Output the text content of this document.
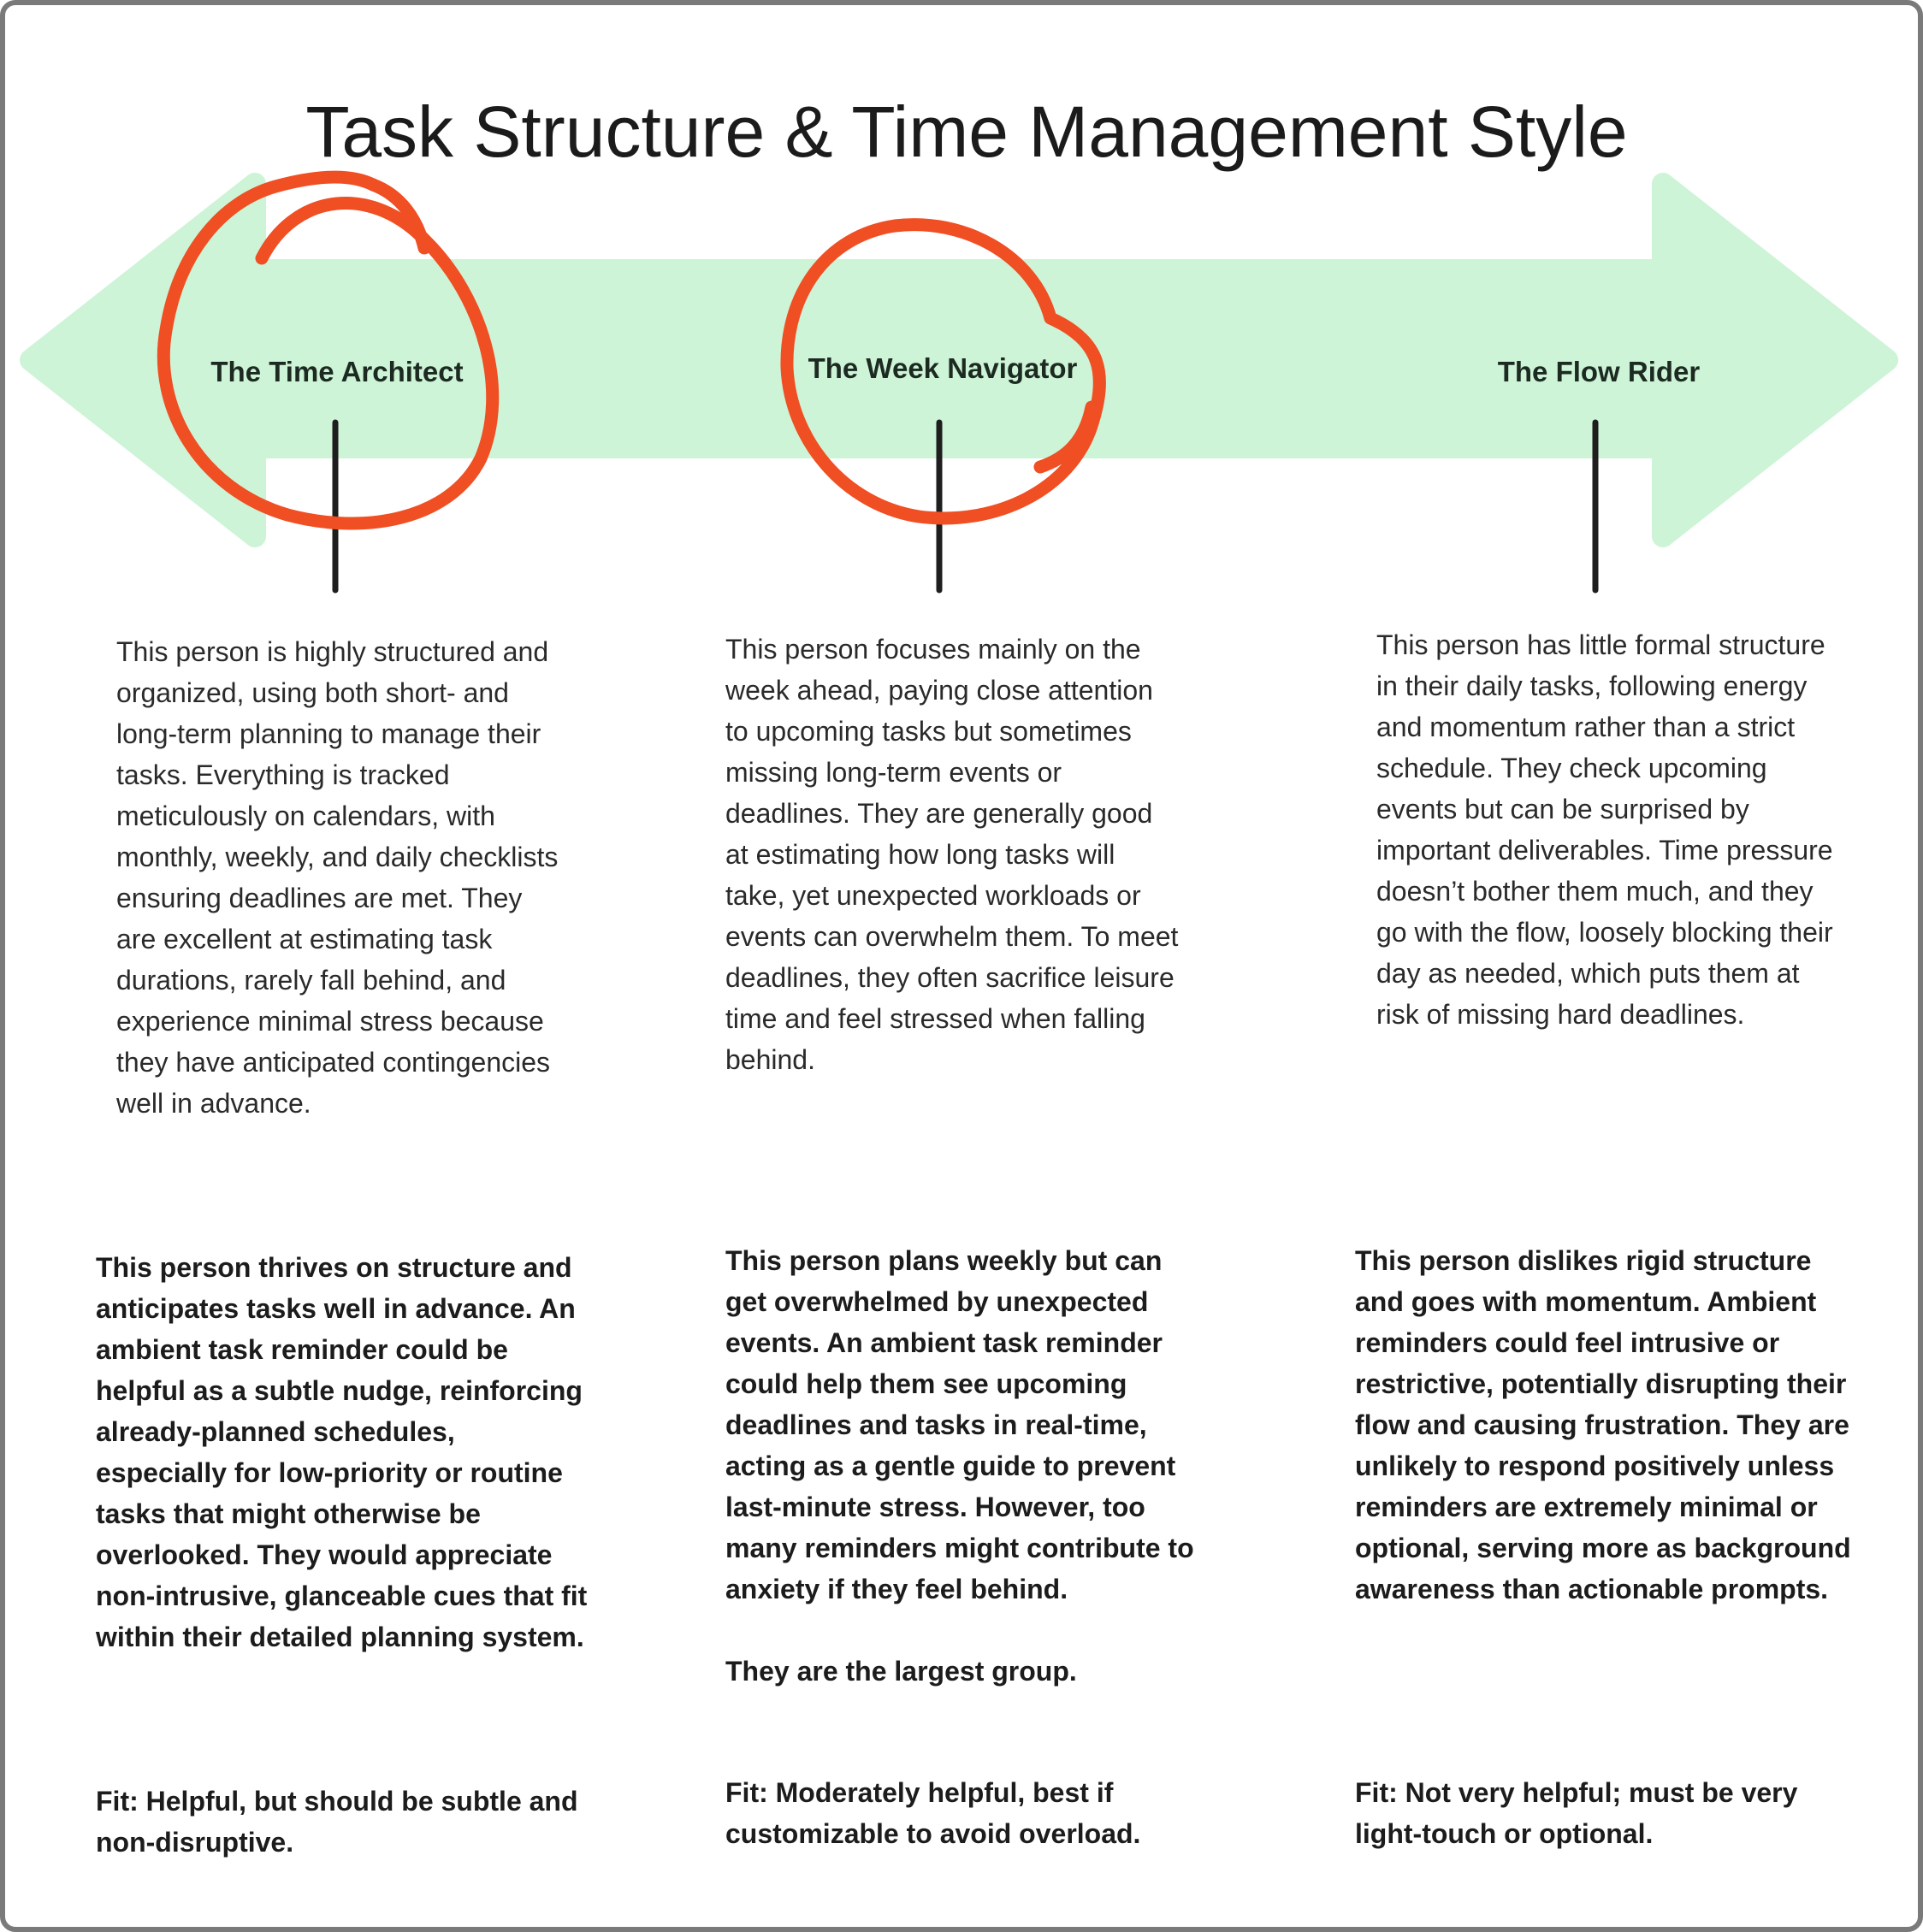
Task Structure & Time Management Style
The Time Architect	The Week Navigator	The Flow Rider

This person is highly structured and organized, using both short- and long-term planning to manage their tasks. Everything is tracked meticulously on calendars, with monthly, weekly, and daily checklists ensuring deadlines are met. They are excellent at estimating task durations, rarely fall behind, and experience minimal stress because they have anticipated contingencies well in advance.

This person focuses mainly on the week ahead, paying close attention to upcoming tasks but sometimes missing long-term events or deadlines. They are generally good at estimating how long tasks will take, yet unexpected workloads or events can overwhelm them. To meet deadlines, they often sacrifice leisure time and feel stressed when falling behind.

This person has little formal structure in their daily tasks, following energy and momentum rather than a strict schedule. They check upcoming events but can be surprised by important deliverables. Time pressure doesn’t bother them much, and they go with the flow, loosely blocking their day as needed, which puts them at risk of missing hard deadlines.

This person thrives on structure and anticipates tasks well in advance. An ambient task reminder could be helpful as a subtle nudge, reinforcing already-planned schedules, especially for low-priority or routine tasks that might otherwise be overlooked. They would appreciate non-intrusive, glanceable cues that fit within their detailed planning system.

This person plans weekly but can get overwhelmed by unexpected events. An ambient task reminder could help them see upcoming deadlines and tasks in real-time, acting as a gentle guide to prevent last-minute stress. However, too many reminders might contribute to anxiety if they feel behind.
They are the largest group.

This person dislikes rigid structure and goes with momentum. Ambient reminders could feel intrusive or restrictive, potentially disrupting their flow and causing frustration. They are unlikely to respond positively unless reminders are extremely minimal or optional, serving more as background awareness than actionable prompts.

Fit: Helpful, but should be subtle and non-disruptive.

Fit: Moderately helpful, best if customizable to avoid overload.

Fit: Not very helpful; must be very light-touch or optional.
